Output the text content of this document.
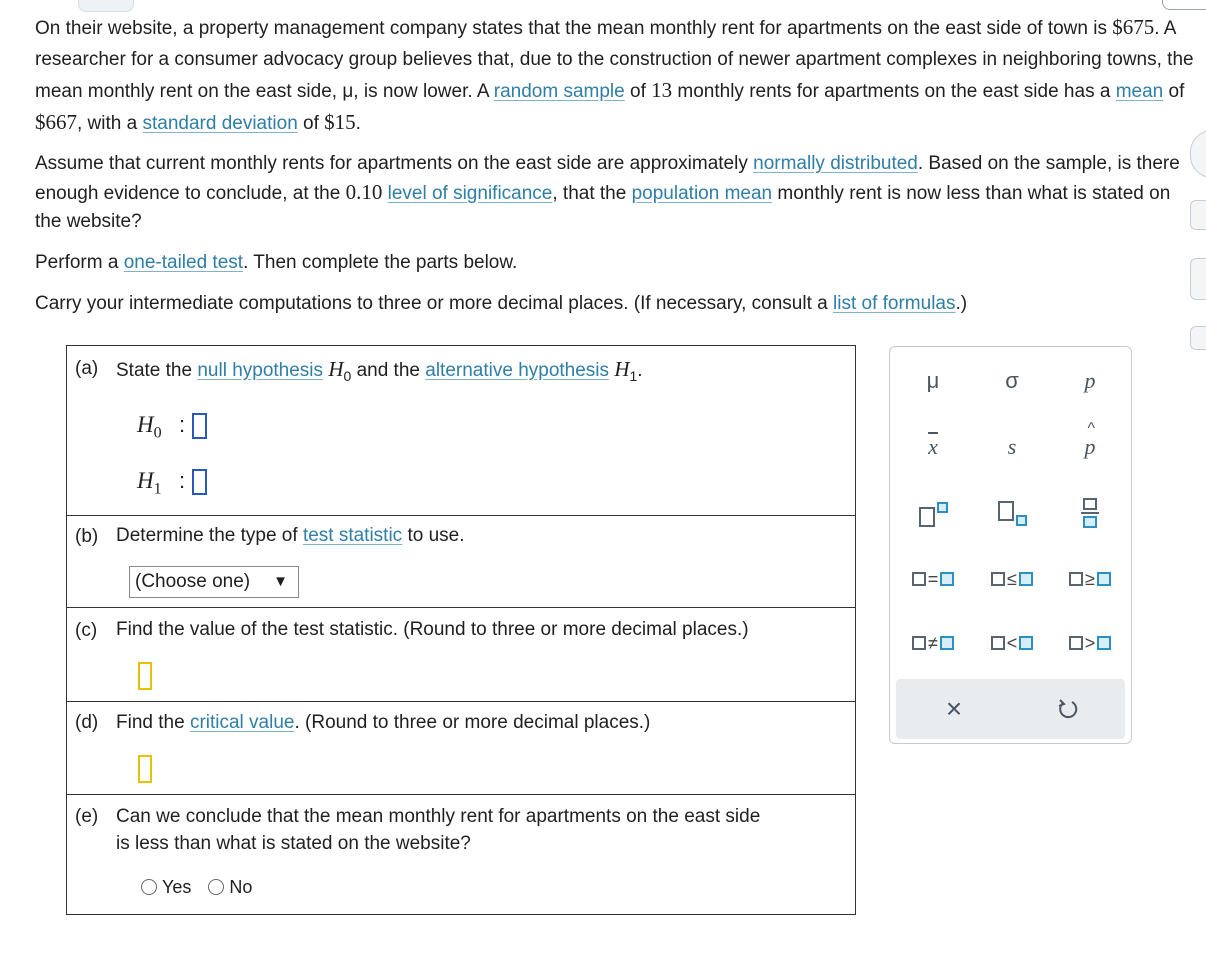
On their website, a property management company states that the mean monthly rent for apartments on the east side of town is $675. A researcher for a consumer advocacy group believes that, due to the construction of newer apartment complexes in neighboring towns, the mean monthly rent on the east side, μ, is now lower. A random sample of 13 monthly rents for apartments on the east side has a mean of $667, with a standard deviation of $15.

Assume that current monthly rents for apartments on the east side are approximately normally distributed. Based on the sample, is there enough evidence to conclude, at the 0.10 level of significance, that the population mean monthly rent is now less than what is stated on the website?

Perform a one-tailed test. Then complete the parts below.

Carry your intermediate computations to three or more decimal places. (If necessary, consult a list of formulas.)

(a) State the null hypothesis $H_0$ and the alternative hypothesis $H_1$.
$H_0$ :
$H_1$ :
(b) Determine the type of test statistic to use.
(Choose one) ▼
(c) Find the value of the test statistic. (Round to three or more decimal places.)
(d) Find the critical value. (Round to three or more decimal places.)
(e) Can we conclude that the mean monthly rent for apartments on the east side
is less than what is stated on the website?
Yes No
μ	σ	p
$\overline{x}$	s
^
p
=	≤	≥
≠	<	>
×
